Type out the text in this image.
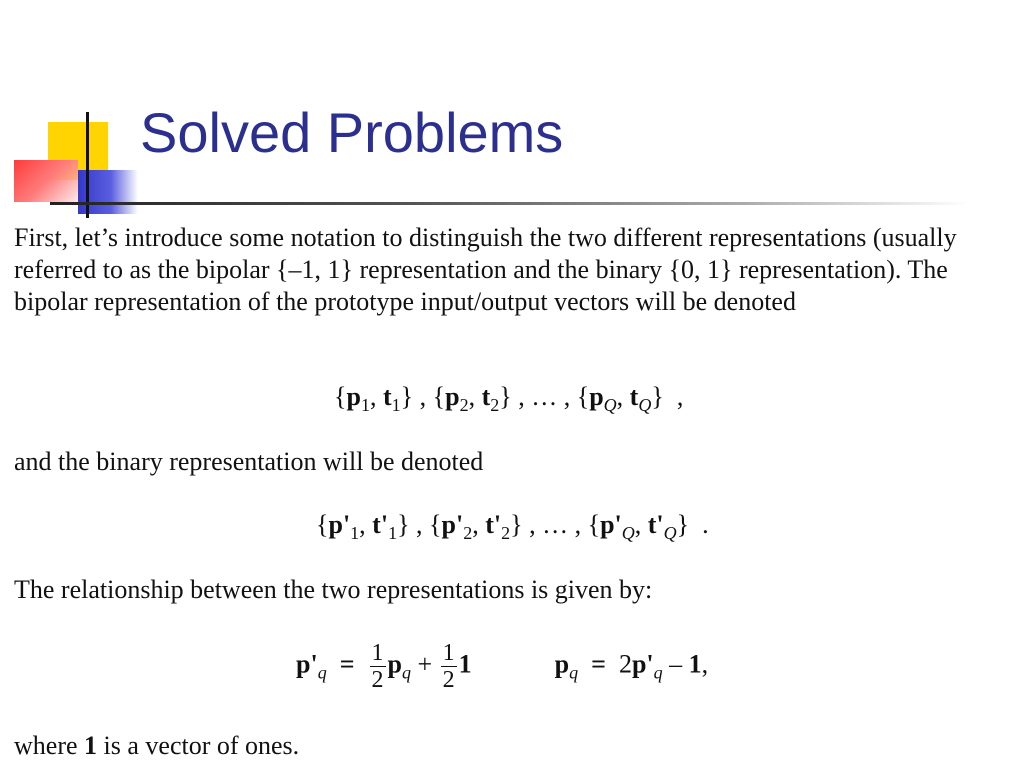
Solved Problems
First, let’s introduce some notation to distinguish the two different representations (usually referred to as the bipolar {–1, 1} representation and the binary {0, 1} representation). The bipolar representation of the prototype input/output vectors will be denoted
{$p_1$, $t_1$} , {$p_2$, $t_2$} , … , {$p_Q$, $t_Q$} ,
and the binary representation will be denoted
{$p'_1$, $t'_1$} , {$p'_2$, $t'_2$} , … , {$p'_Q$, $t'_Q$} .
The relationship between the two representations is given by:
$p'_q = \frac{1}{2} p_q + \frac{1}{2} 1$	$p_q = 2p'_q - 1$,
where 1 is a vector of ones.
